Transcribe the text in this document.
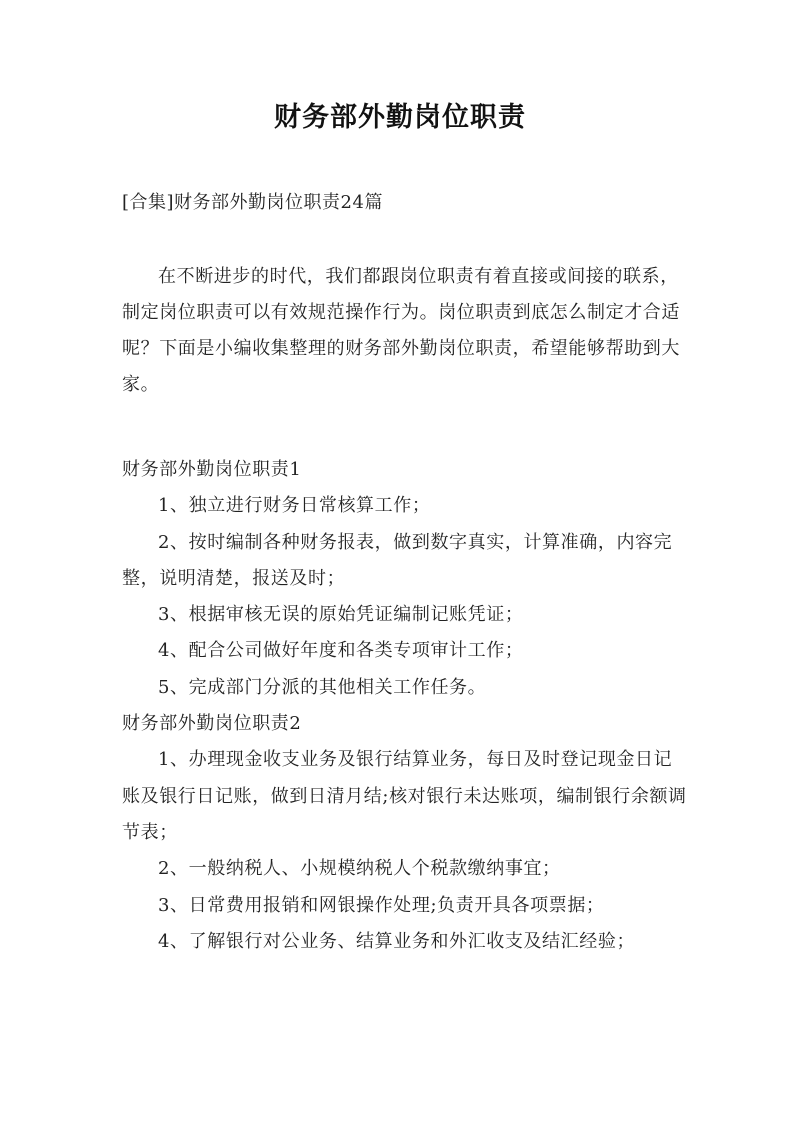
财务部外勤岗位职责
[合集]财务部外勤岗位职责24篇

在不断进步的时代，我们都跟岗位职责有着直接或间接的联系，制定岗位职责可以有效规范操作行为。岗位职责到底怎么制定才合适呢？下面是小编收集整理的财务部外勤岗位职责，希望能够帮助到大家。

财务部外勤岗位职责1

1、独立进行财务日常核算工作；

2、按时编制各种财务报表，做到数字真实，计算准确，内容完整，说明清楚，报送及时；

3、根据审核无误的原始凭证编制记账凭证；

4、配合公司做好年度和各类专项审计工作；

5、完成部门分派的其他相关工作任务。

财务部外勤岗位职责2

1、办理现金收支业务及银行结算业务，每日及时登记现金日记账及银行日记账，做到日清月结;核对银行未达账项，编制银行余额调节表；

2、一般纳税人、小规模纳税人个税款缴纳事宜；

3、日常费用报销和网银操作处理;负责开具各项票据；

4、了解银行对公业务、结算业务和外汇收支及结汇经验；
